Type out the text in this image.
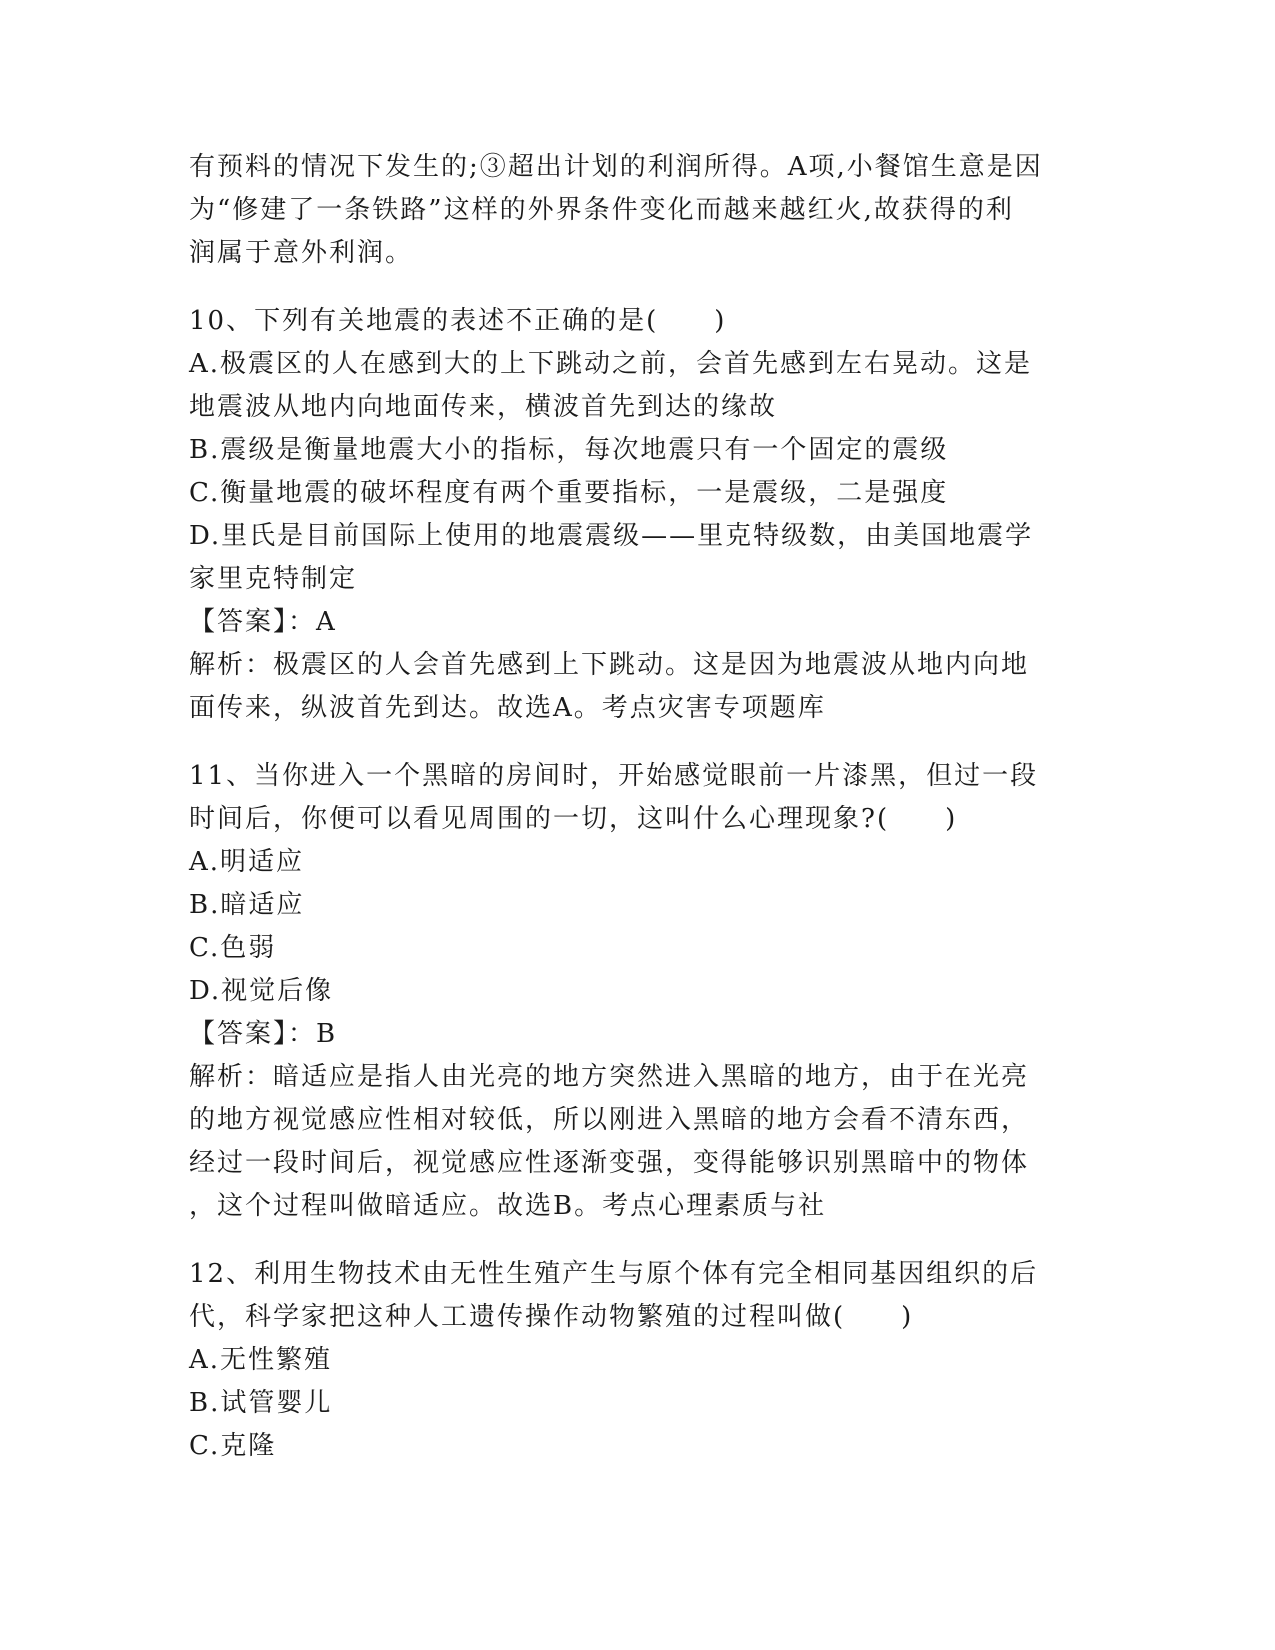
有预料的情况下发生的;③超出计划的利润所得。A项,小餐馆生意是因
为“修建了一条铁路”这样的外界条件变化而越来越红火,故获得的利
润属于意外利润。
10、下列有关地震的表述不正确的是(　　)
A.极震区的人在感到大的上下跳动之前，会首先感到左右晃动。这是
地震波从地内向地面传来，横波首先到达的缘故
B.震级是衡量地震大小的指标，每次地震只有一个固定的震级
C.衡量地震的破坏程度有两个重要指标，一是震级，二是强度
D.里氏是目前国际上使用的地震震级——里克特级数，由美国地震学
家里克特制定
【答案】：A
解析：极震区的人会首先感到上下跳动。这是因为地震波从地内向地
面传来，纵波首先到达。故选A。考点灾害专项题库
11、当你进入一个黑暗的房间时，开始感觉眼前一片漆黑，但过一段
时间后，你便可以看见周围的一切，这叫什么心理现象?(　　)
A.明适应
B.暗适应
C.色弱
D.视觉后像
【答案】：B
解析：暗适应是指人由光亮的地方突然进入黑暗的地方，由于在光亮
的地方视觉感应性相对较低，所以刚进入黑暗的地方会看不清东西，
经过一段时间后，视觉感应性逐渐变强，变得能够识别黑暗中的物体
，这个过程叫做暗适应。故选B。考点心理素质与社
12、利用生物技术由无性生殖产生与原个体有完全相同基因组织的后
代，科学家把这种人工遗传操作动物繁殖的过程叫做(　　)
A.无性繁殖
B.试管婴儿
C.克隆
